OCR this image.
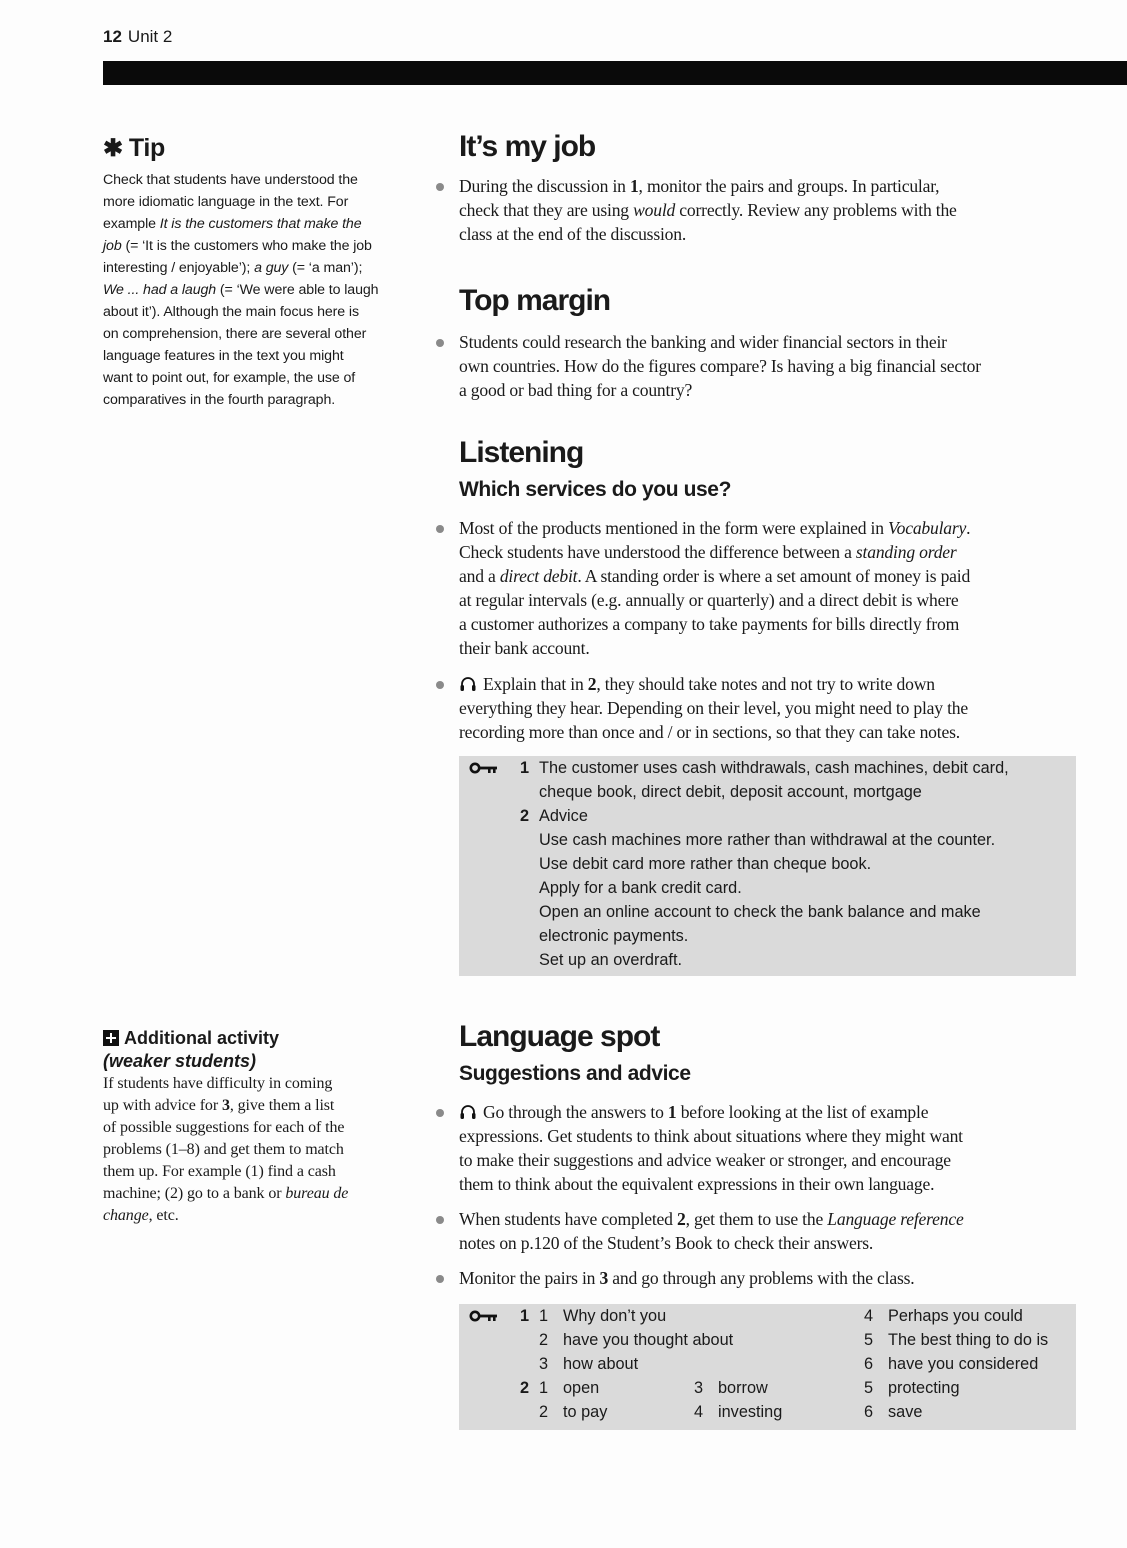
12 Unit 2
✱ Tip

Check that students have understood the

more idiomatic language in the text. For

example It is the customers that make the

job (= ‘It is the customers who make the job

interesting / enjoyable’); a guy (= ‘a man’);

We ... had a laugh (= ‘We were able to laugh

about it’). Although the main focus here is

on comprehension, there are several other

language features in the text you might

want to point out, for example, the use of

comparatives in the fourth paragraph.

Additional activity
(weaker students)

If students have difficulty in coming

up with advice for 3, give them a list

of possible suggestions for each of the

problems (1–8) and get them to match

them up. For example (1) find a cash

machine; (2) go to a bank or bureau de

change, etc.

It’s my job
During the discussion in 1, monitor the pairs and groups. In particular,
check that they are using would correctly. Review any problems with the
class at the end of the discussion.
Top margin
Students could research the banking and wider financial sectors in their
own countries. How do the figures compare? Is having a big financial sector
a good or bad thing for a country?
Listening
Which services do you use?
Most of the products mentioned in the form were explained in Vocabulary.
Check students have understood the difference between a standing order
and a direct debit. A standing order is where a set amount of money is paid
at regular intervals (e.g. annually or quarterly) and a direct debit is where
a customer authorizes a company to take payments for bills directly from
their bank account.
Explain that in 2, they should take notes and not try to write down
everything they hear. Depending on their level, you might need to play the
recording more than once and / or in sections, so that they can take notes.
1 The customer uses cash withdrawals, cash machines, debit card,
cheque book, direct debit, deposit account, mortgage
2 Advice
Use cash machines more rather than withdrawal at the counter.
Use debit card more rather than cheque book.
Apply for a bank credit card.
Open an online account to check the bank balance and make
electronic payments.
Set up an overdraft.
Language spot
Suggestions and advice
Go through the answers to 1 before looking at the list of example
expressions. Get students to think about situations where they might want
to make their suggestions and advice weaker or stronger, and encourage
them to think about the equivalent expressions in their own language.
When students have completed 2, get them to use the Language reference
notes on p.120 of the Student’s Book to check their answers.
Monitor the pairs in 3 and go through any problems with the class.
1
2
1 Why don’t you
2 have you thought about
3 how about
4 Perhaps you could
5 The best thing to do is
6 have you considered
1 open
2 to pay
3 borrow
4 investing
5 protecting
6 save
